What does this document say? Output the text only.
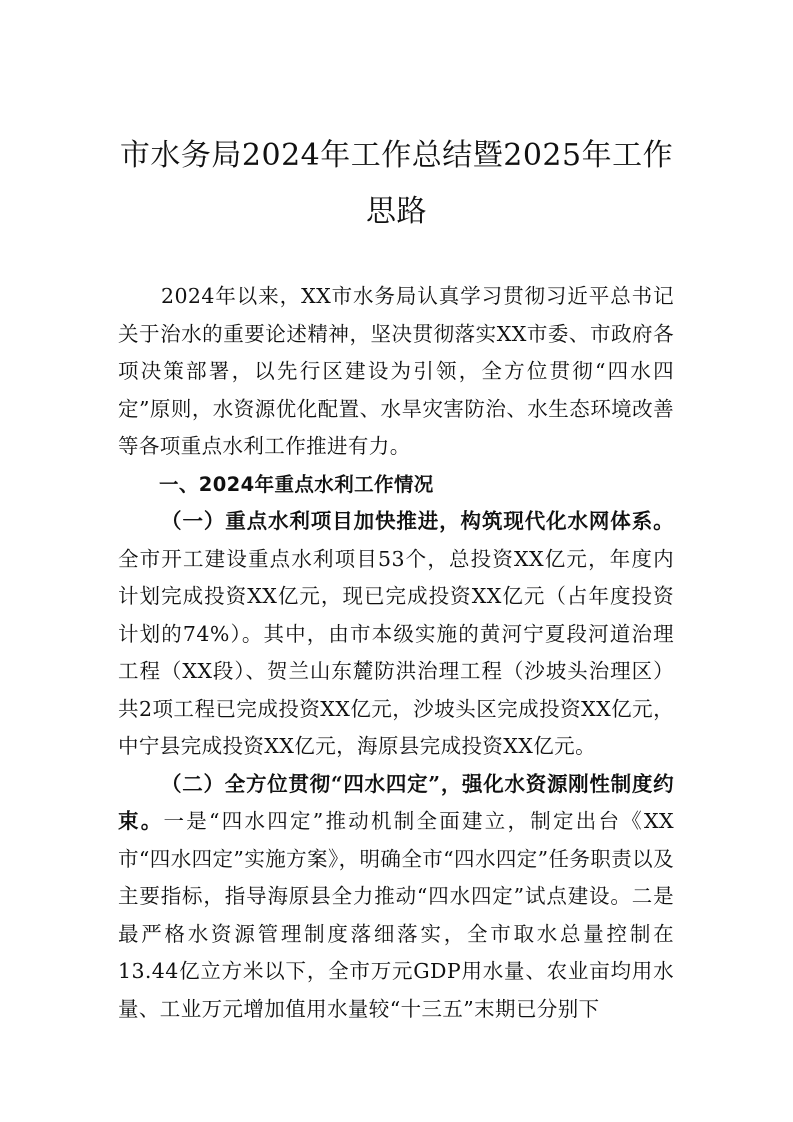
市水务局2024年工作总结暨2025年工作思路

2024年以来，XX市水务局认真学习贯彻习近平总书记关于治水的重要论述精神，坚决贯彻落实XX市委、市政府各项决策部署，以先行区建设为引领，全方位贯彻“四水四定”原则，水资源优化配置、水旱灾害防治、水生态环境改善等各项重点水利工作推进有力。

一、2024年重点水利工作情况

（一）重点水利项目加快推进，构筑现代化水网体系。全市开工建设重点水利项目53个，总投资XX亿元，年度内计划完成投资XX亿元，现已完成投资XX亿元（占年度投资计划的74%）。其中，由市本级实施的黄河宁夏段河道治理工程（XX段）、贺兰山东麓防洪治理工程（沙坡头治理区）共2项工程已完成投资XX亿元，沙坡头区完成投资XX亿元，中宁县完成投资XX亿元，海原县完成投资XX亿元。

（二）全方位贯彻“四水四定”，强化水资源刚性制度约束。一是“四水四定”推动机制全面建立，制定出台《XX市“四水四定”实施方案》，明确全市“四水四定”任务职责以及主要指标，指导海原县全力推动“四水四定”试点建设。二是最严格水资源管理制度落细落实，全市取水总量控制在13.44亿立方米以下，全市万元GDP用水量、农业亩均用水量、工业万元增加值用水量较“十三五”末期已分别下
